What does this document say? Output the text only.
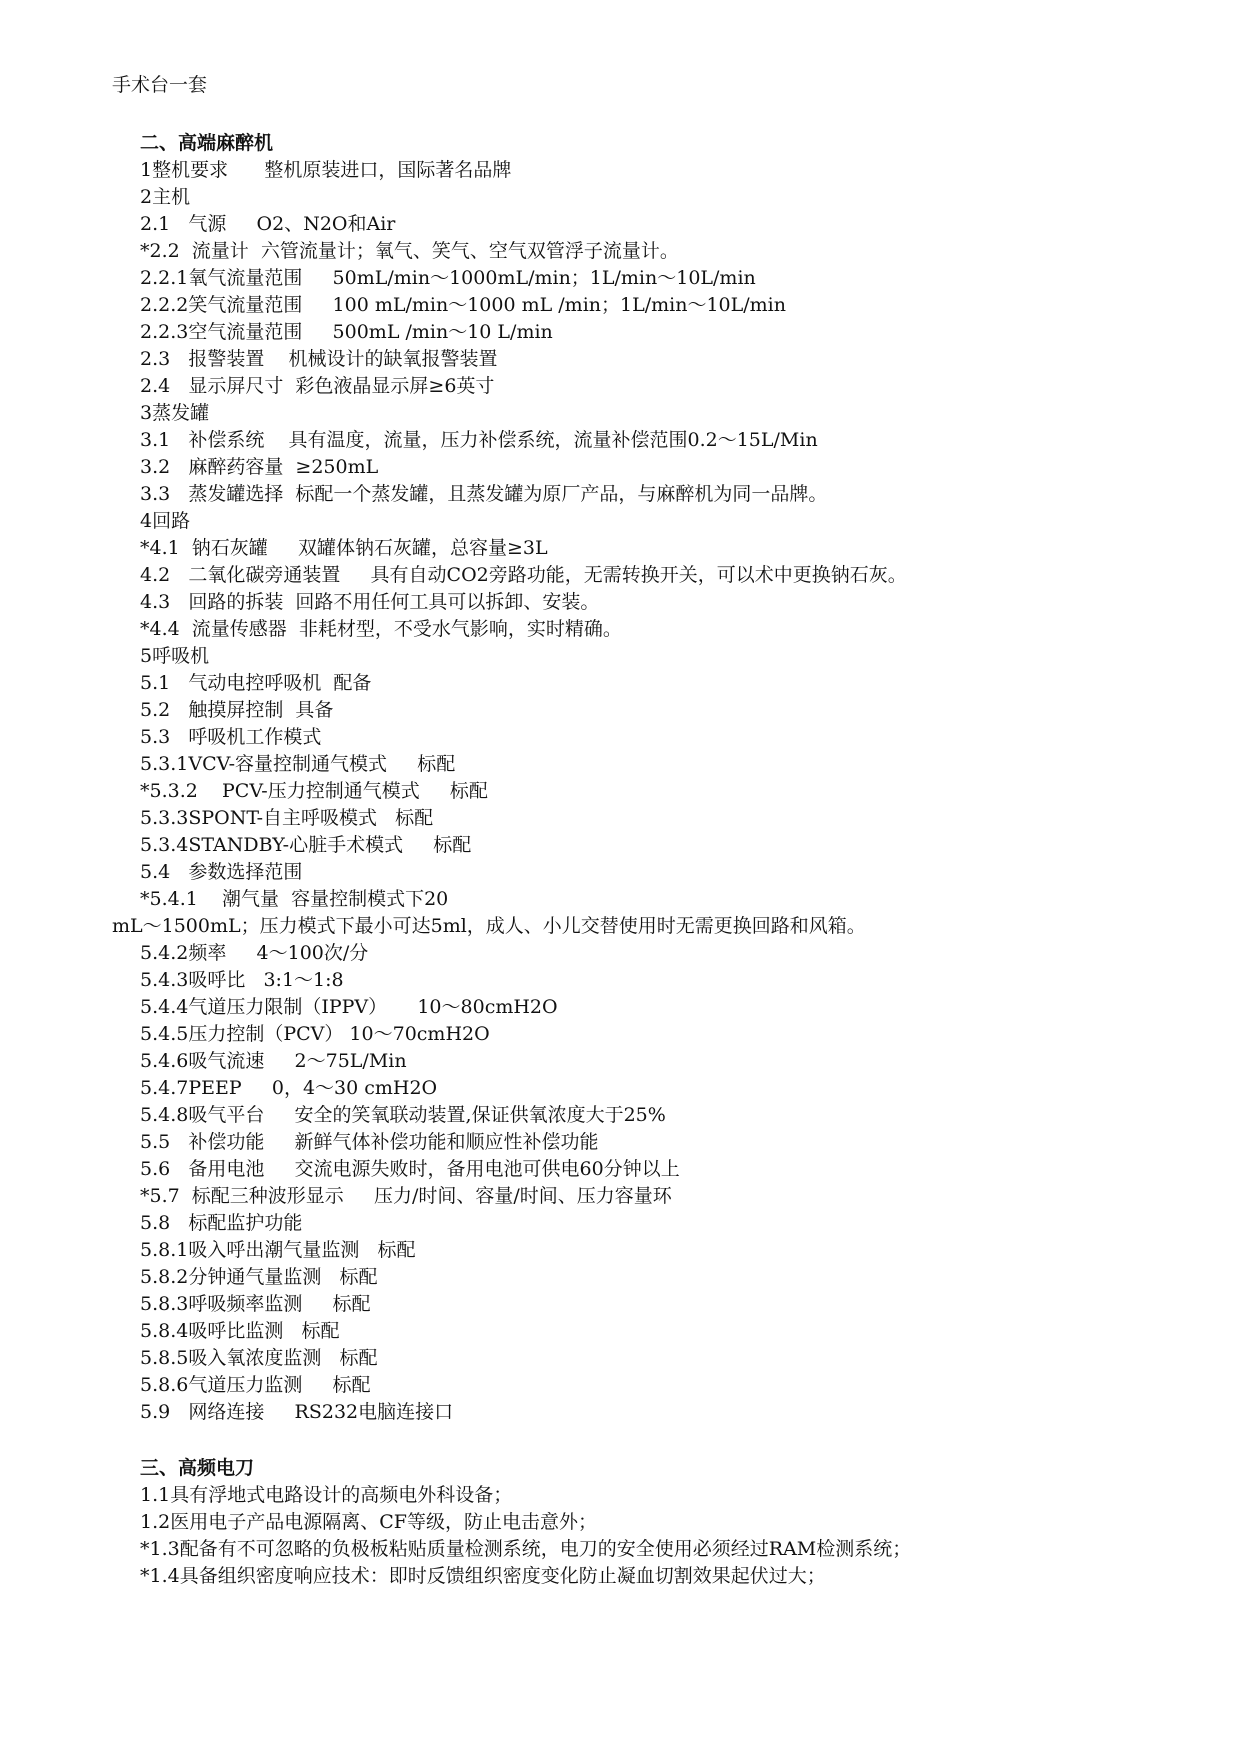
手术台一套

二、高端麻醉机

1整机要求      整机原装进口，国际著名品牌

2主机

2.1   气源     O2、N2O和Air

*2.2  流量计  六管流量计；氧气、笑气、空气双管浮子流量计。

2.2.1氧气流量范围     50mL/min～1000mL/min；1L/min～10L/min

2.2.2笑气流量范围     100 mL/min～1000 mL /min；1L/min～10L/min

2.2.3空气流量范围     500mL /min～10 L/min

2.3   报警装置    机械设计的缺氧报警装置

2.4   显示屏尺寸  彩色液晶显示屏≥6英寸

3蒸发罐

3.1   补偿系统    具有温度，流量，压力补偿系统，流量补偿范围0.2～15L/Min

3.2   麻醉药容量  ≥250mL

3.3   蒸发罐选择  标配一个蒸发罐，且蒸发罐为原厂产品，与麻醉机为同一品牌。

4回路

*4.1  钠石灰罐     双罐体钠石灰罐，总容量≥3L

4.2   二氧化碳旁通装置     具有自动CO2旁路功能，无需转换开关，可以术中更换钠石灰。

4.3   回路的拆装  回路不用任何工具可以拆卸、安装。

*4.4  流量传感器  非耗材型，不受水气影响，实时精确。

5呼吸机

5.1   气动电控呼吸机  配备

5.2   触摸屏控制  具备

5.3   呼吸机工作模式

5.3.1VCV-容量控制通气模式     标配

*5.3.2    PCV-压力控制通气模式     标配

5.3.3SPONT-自主呼吸模式   标配

5.3.4STANDBY-心脏手术模式     标配

5.4   参数选择范围

*5.4.1    潮气量  容量控制模式下20

mL～1500mL；压力模式下最小可达5ml，成人、小儿交替使用时无需更换回路和风箱。

5.4.2频率     4～100次/分

5.4.3吸呼比   3:1～1:8

5.4.4气道压力限制（IPPV）     10～80cmH2O

5.4.5压力控制（PCV） 10～70cmH2O

5.4.6吸气流速     2～75L/Min

5.4.7PEEP     0，4～30 cmH2O

5.4.8吸气平台     安全的笑氧联动装置,保证供氧浓度大于25%

5.5   补偿功能     新鲜气体补偿功能和顺应性补偿功能

5.6   备用电池     交流电源失败时，备用电池可供电60分钟以上

*5.7  标配三种波形显示     压力/时间、容量/时间、压力容量环

5.8   标配监护功能

5.8.1吸入呼出潮气量监测   标配

5.8.2分钟通气量监测   标配

5.8.3呼吸频率监测     标配

5.8.4吸呼比监测   标配

5.8.5吸入氧浓度监测   标配

5.8.6气道压力监测     标配

5.9   网络连接     RS232电脑连接口

三、高频电刀

1.1具有浮地式电路设计的高频电外科设备；

1.2医用电子产品电源隔离、CF等级，防止电击意外；

*1.3配备有不可忽略的负极板粘贴质量检测系统，电刀的安全使用必须经过RAM检测系统；

*1.4具备组织密度响应技术：即时反馈组织密度变化防止凝血切割效果起伏过大；
